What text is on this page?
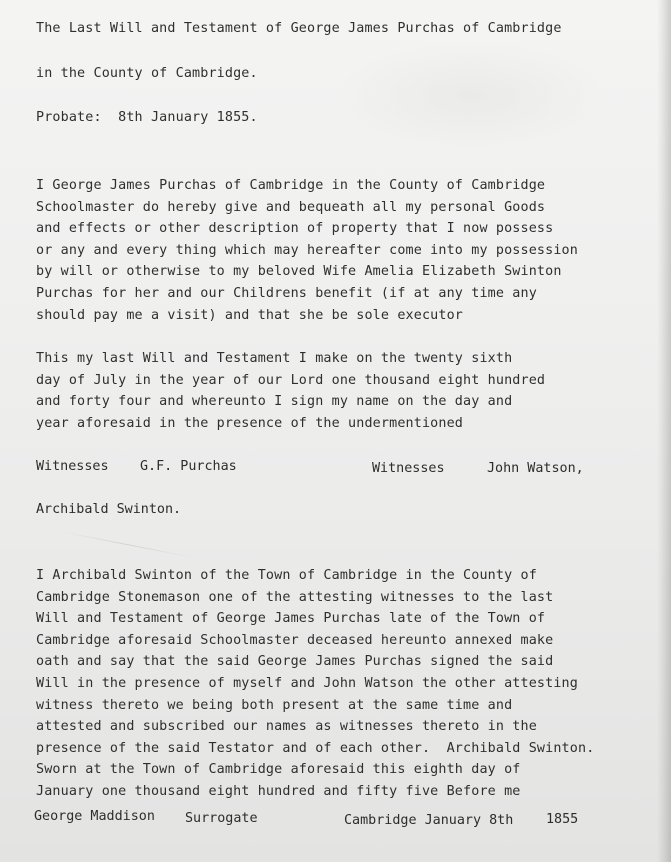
The Last Will and Testament of George James Purchas of Cambridge
in the County of Cambridge.
Probate:  8th January 1855.
I George James Purchas of Cambridge in the County of Cambridge
Schoolmaster do hereby give and bequeath all my personal Goods
and effects or other description of property that I now possess
or any and every thing which may hereafter come into my possession
by will or otherwise to my beloved Wife Amelia Elizabeth Swinton
Purchas for her and our Childrens benefit (if at any time any
should pay me a visit) and that she be sole executor
This my last Will and Testament I make on the twenty sixth
day of July in the year of our Lord one thousand eight hundred
and forty four and whereunto I sign my name on the day and
year aforesaid in the presence of the undermentioned
Witnesses G.F. Purchas	Witnesses	John Watson,
Archibald Swinton.
I Archibald Swinton of the Town of Cambridge in the County of
Cambridge Stonemason one of the attesting witnesses to the last
Will and Testament of George James Purchas late of the Town of
Cambridge aforesaid Schoolmaster deceased hereunto annexed make
oath and say that the said George James Purchas signed the said
Will in the presence of myself and John Watson the other attesting
witness thereto we being both present at the same time and
attested and subscribed our names as witnesses thereto in the
presence of the said Testator and of each other.  Archibald Swinton.
Sworn at the Town of Cambridge aforesaid this eighth day of
January one thousand eight hundred and fifty five Before me
George Maddison Surrogate	Cambridge January 8th 1855
